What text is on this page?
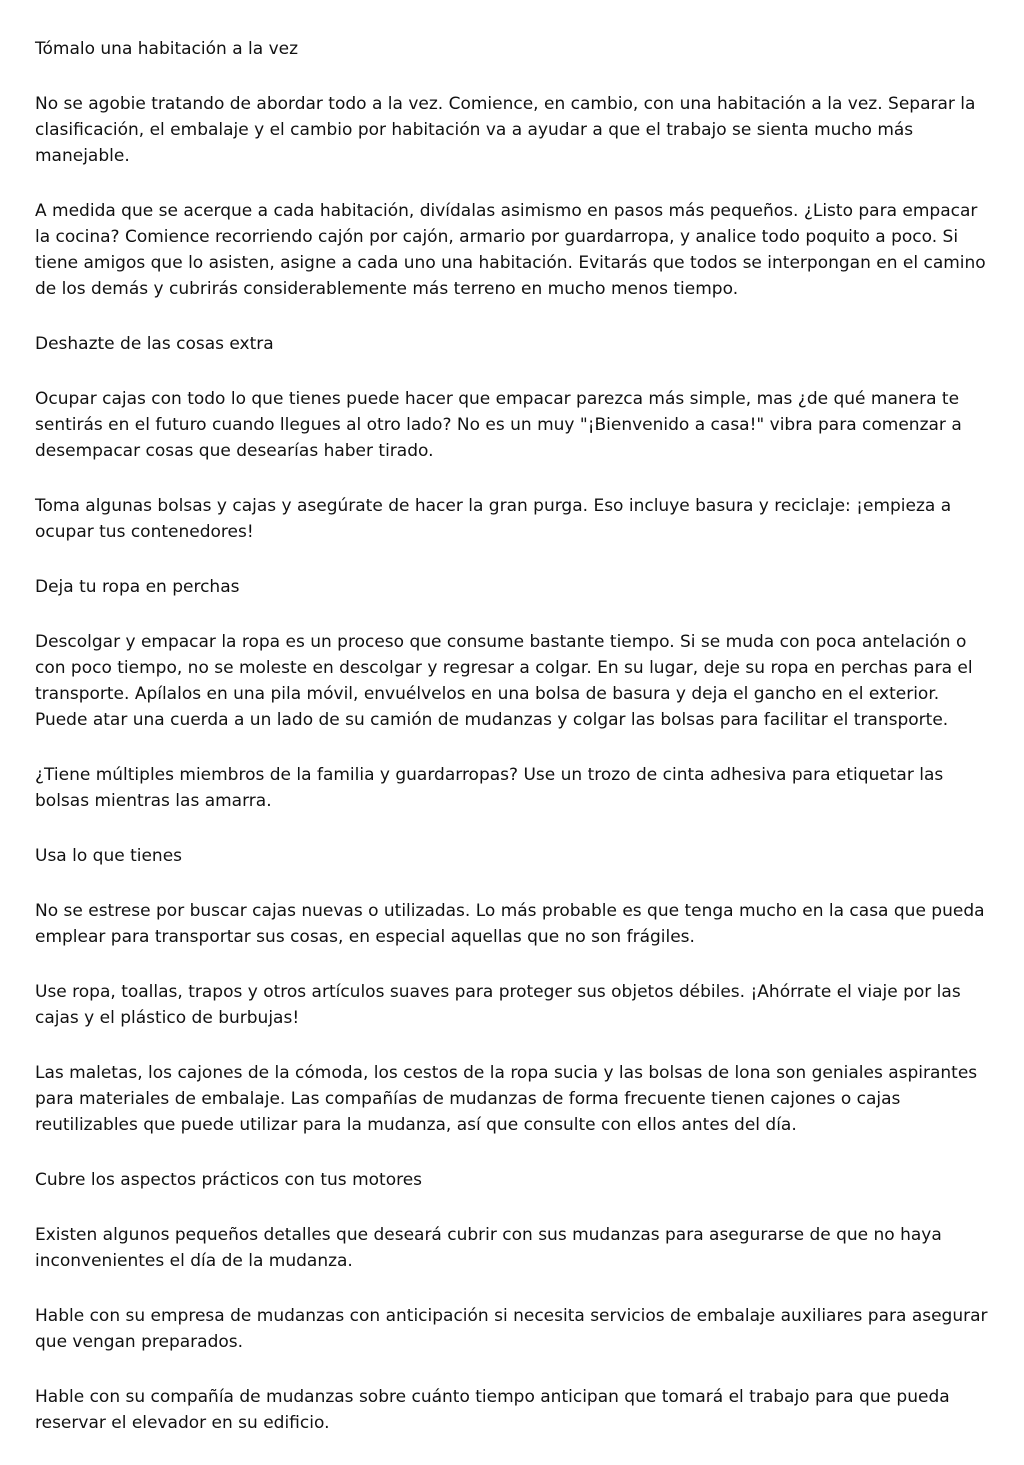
Tómalo una habitación a la vez

No se agobie tratando de abordar todo a la vez. Comience, en cambio, con una habitación a la vez. Separar la clasificación, el embalaje y el cambio por habitación va a ayudar a que el trabajo se sienta mucho más manejable.

A medida que se acerque a cada habitación, divídalas asimismo en pasos más pequeños. ¿Listo para empacar la cocina? Comience recorriendo cajón por cajón, armario por guardarropa, y analice todo poquito a poco. Si tiene amigos que lo asisten, asigne a cada uno una habitación. Evitarás que todos se interpongan en el camino de los demás y cubrirás considerablemente más terreno en mucho menos tiempo.

Deshazte de las cosas extra

Ocupar cajas con todo lo que tienes puede hacer que empacar parezca más simple, mas ¿de qué manera te sentirás en el futuro cuando llegues al otro lado? No es un muy "¡Bienvenido a casa!" vibra para comenzar a desempacar cosas que desearías haber tirado.

Toma algunas bolsas y cajas y asegúrate de hacer la gran purga. Eso incluye basura y reciclaje: ¡empieza a ocupar tus contenedores!

Deja tu ropa en perchas

Descolgar y empacar la ropa es un proceso que consume bastante tiempo. Si se muda con poca antelación o con poco tiempo, no se moleste en descolgar y regresar a colgar. En su lugar, deje su ropa en perchas para el transporte. Apílalos en una pila móvil, envuélvelos en una bolsa de basura y deja el gancho en el exterior. Puede atar una cuerda a un lado de su camión de mudanzas y colgar las bolsas para facilitar el transporte.

¿Tiene múltiples miembros de la familia y guardarropas? Use un trozo de cinta adhesiva para etiquetar las bolsas mientras las amarra.

Usa lo que tienes

No se estrese por buscar cajas nuevas o utilizadas. Lo más probable es que tenga mucho en la casa que pueda emplear para transportar sus cosas, en especial aquellas que no son frágiles.

Use ropa, toallas, trapos y otros artículos suaves para proteger sus objetos débiles. ¡Ahórrate el viaje por las cajas y el plástico de burbujas!

Las maletas, los cajones de la cómoda, los cestos de la ropa sucia y las bolsas de lona son geniales aspirantes para materiales de embalaje. Las compañías de mudanzas de forma frecuente tienen cajones o cajas reutilizables que puede utilizar para la mudanza, así que consulte con ellos antes del día.

Cubre los aspectos prácticos con tus motores

Existen algunos pequeños detalles que deseará cubrir con sus mudanzas para asegurarse de que no haya inconvenientes el día de la mudanza.

Hable con su empresa de mudanzas con anticipación si necesita servicios de embalaje auxiliares para asegurar que vengan preparados.

Hable con su compañía de mudanzas sobre cuánto tiempo anticipan que tomará el trabajo para que pueda reservar el elevador en su edificio.
